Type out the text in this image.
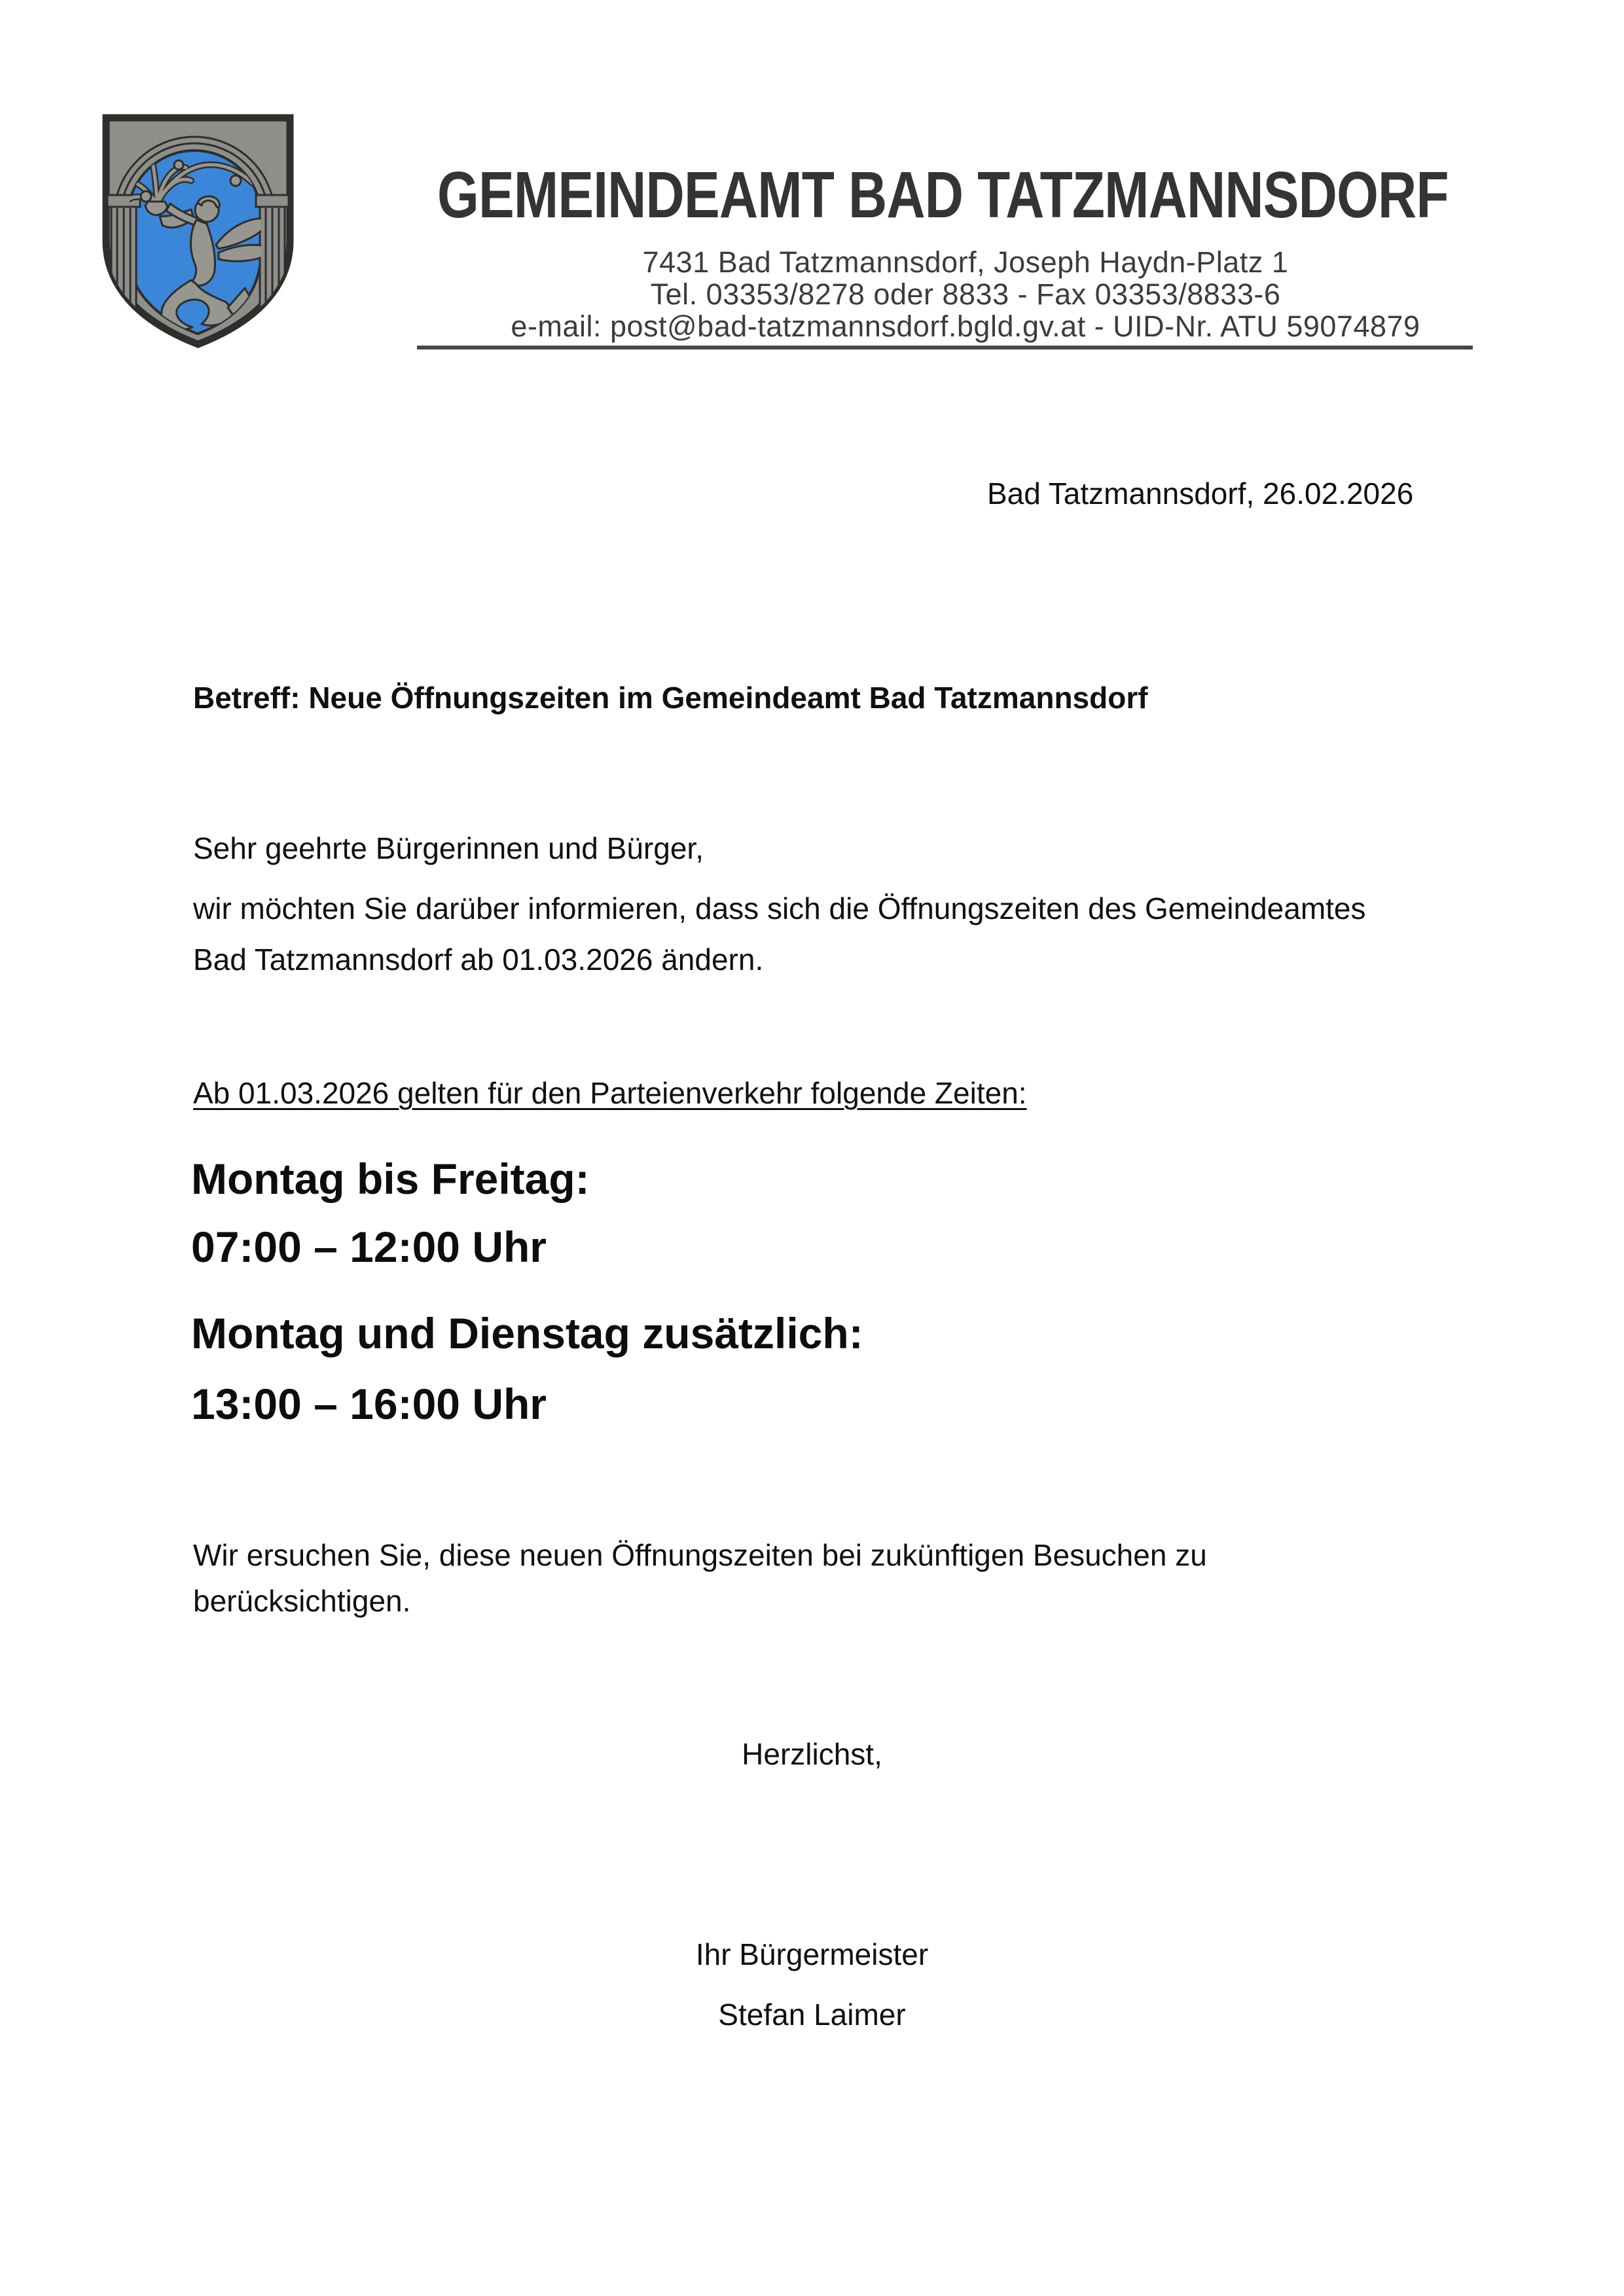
GEMEINDEAMT BAD TATZMANNSDORF
7431 Bad Tatzmannsdorf, Joseph Haydn-Platz 1
Tel. 03353/8278 oder 8833 - Fax 03353/8833-6
e-mail: post@bad-tatzmannsdorf.bgld.gv.at - UID-Nr. ATU 59074879
Bad Tatzmannsdorf, 26.02.2026
Betreff: Neue Öffnungszeiten im Gemeindeamt Bad Tatzmannsdorf
Sehr geehrte Bürgerinnen und Bürger,
wir möchten Sie darüber informieren, dass sich die Öffnungszeiten des Gemeindeamtes
Bad Tatzmannsdorf ab 01.03.2026 ändern.
Ab 01.03.2026 gelten für den Parteienverkehr folgende Zeiten:
Montag bis Freitag:
07:00 – 12:00 Uhr
Montag und Dienstag zusätzlich:
13:00 – 16:00 Uhr
Wir ersuchen Sie, diese neuen Öffnungszeiten bei zukünftigen Besuchen zu
berücksichtigen.
Herzlichst,
Ihr Bürgermeister
Stefan Laimer
